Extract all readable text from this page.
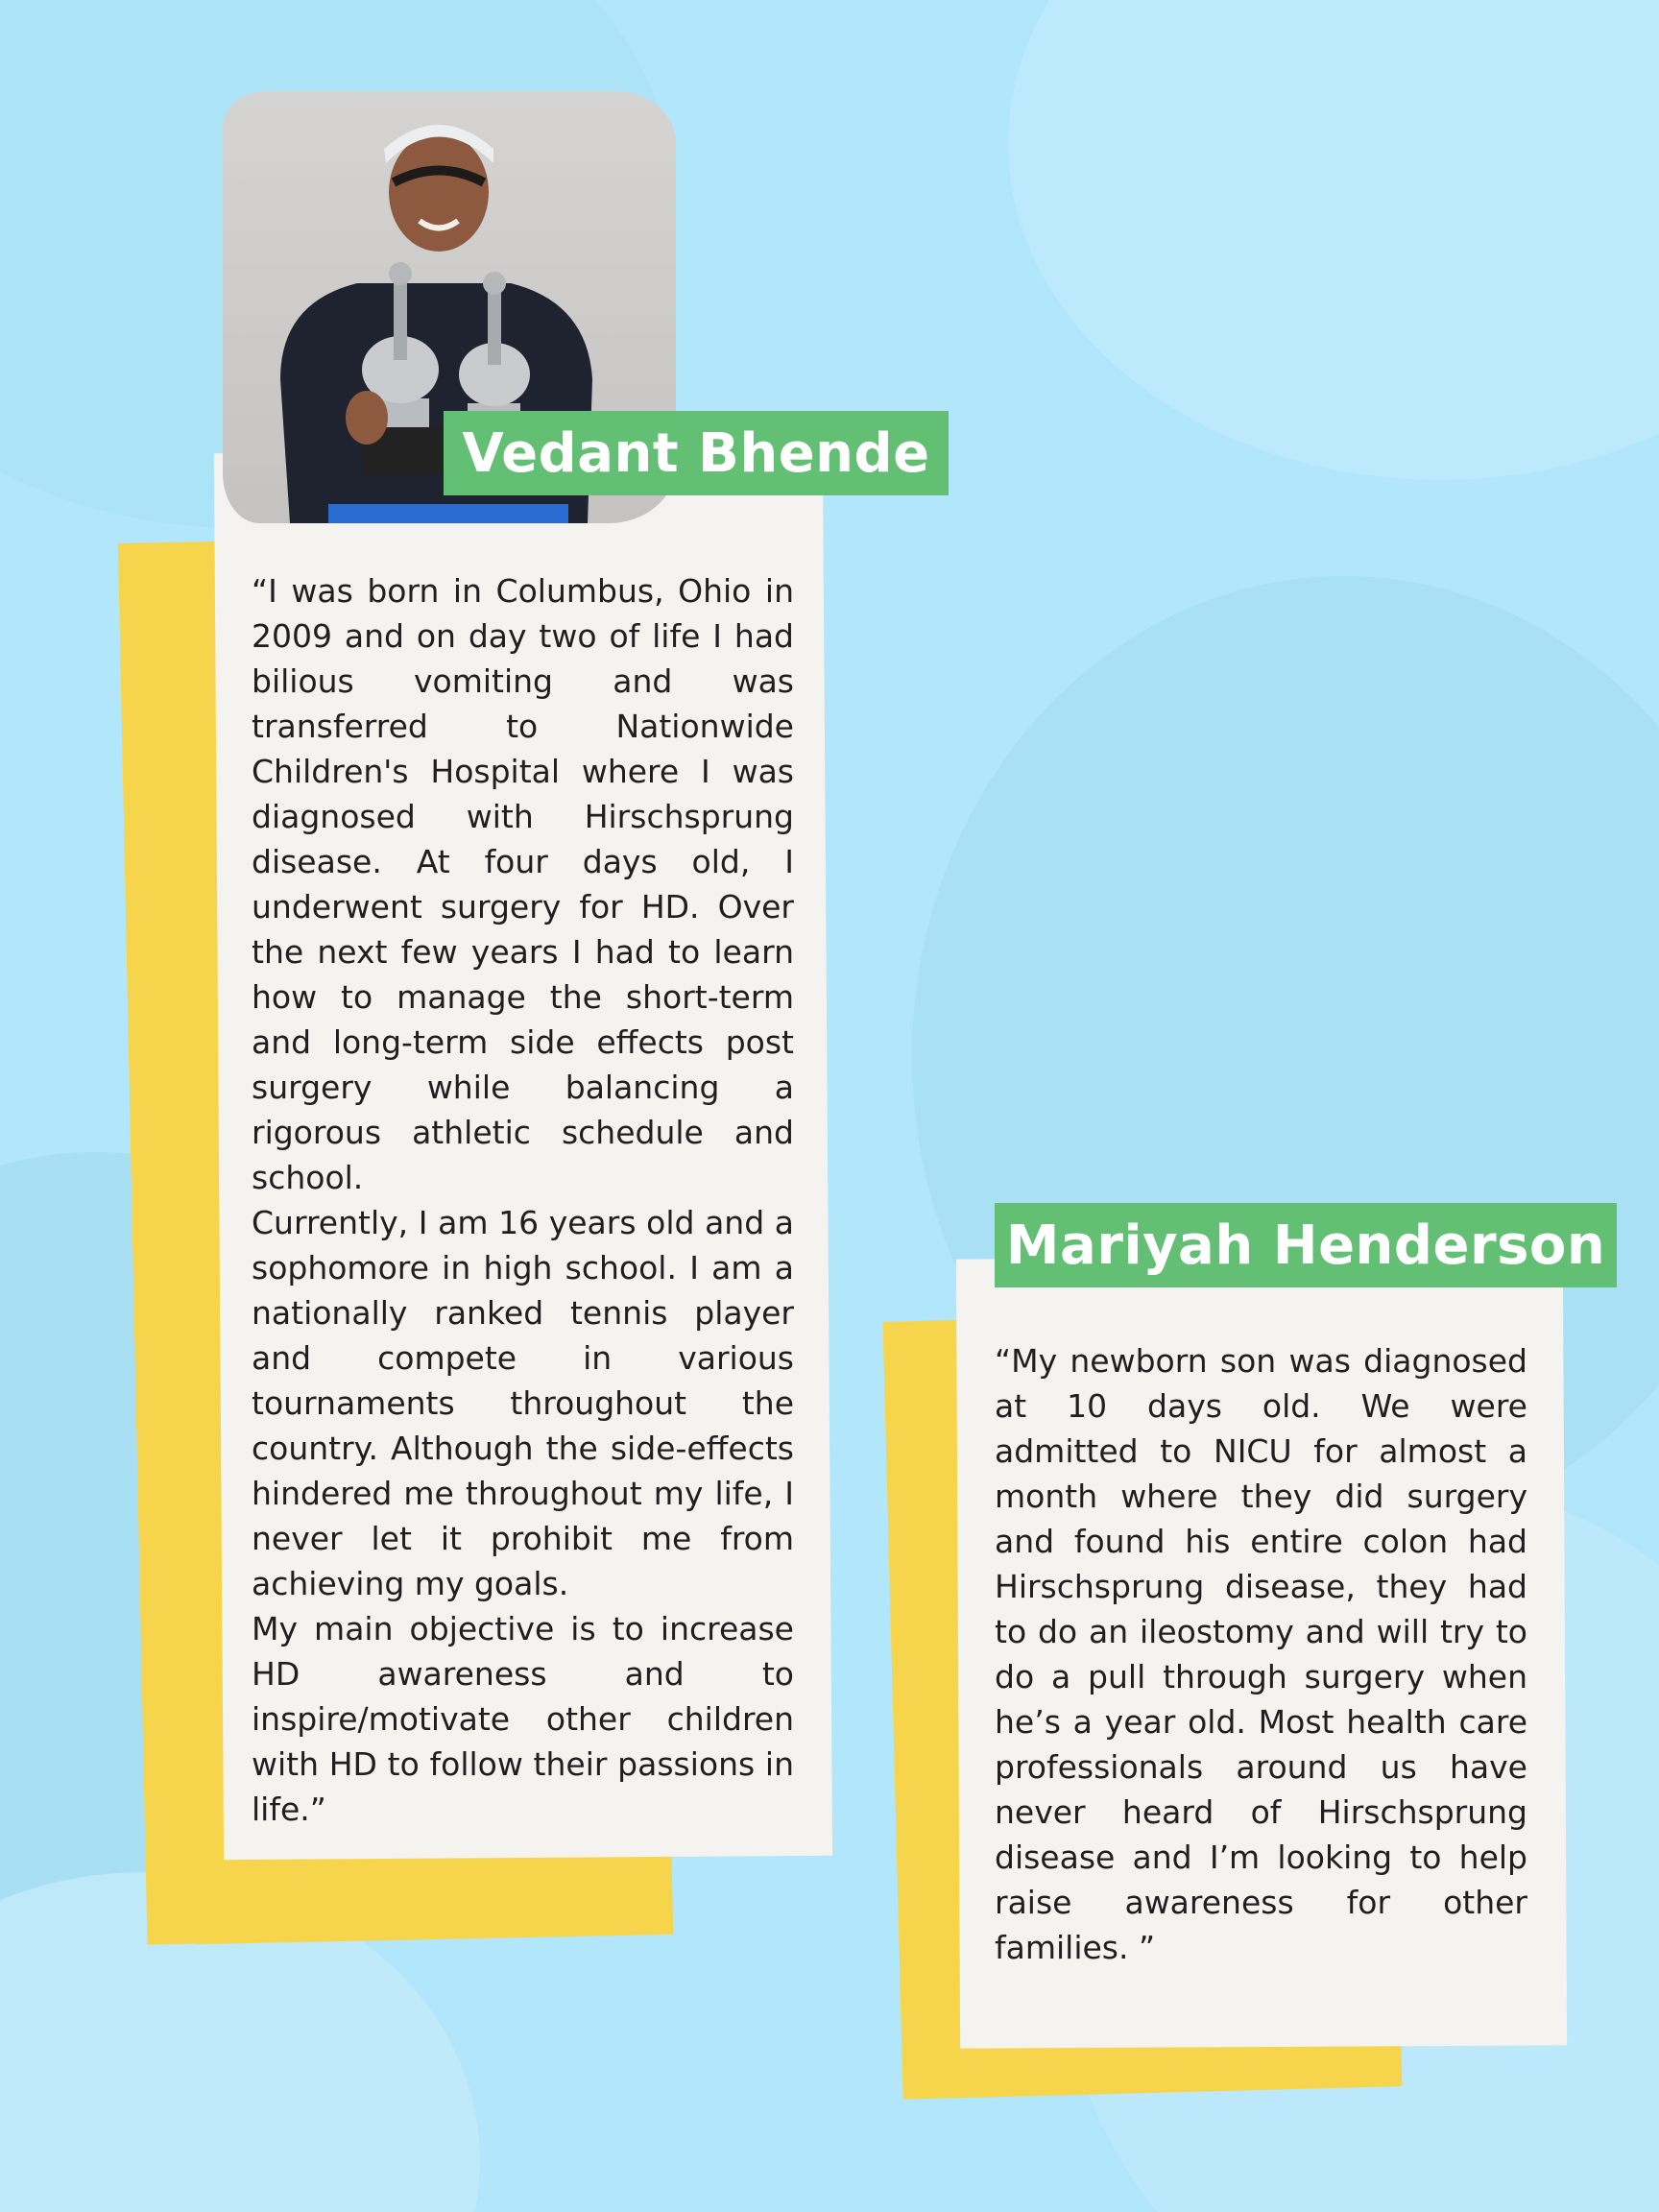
Vedant Bhende

“I was born in Columbus, Ohio in 2009 and on day two of life I had bilious vomiting and was transferred to Nationwide Children's Hospital where I was diagnosed with Hirschsprung disease. At four days old, I underwent surgery for HD. Over the next few years I had to learn how to manage the short-term and long-term side effects post surgery while balancing a rigorous athletic schedule and school.

Currently, I am 16 years old and a sophomore in high school. I am a nationally ranked tennis player and compete in various tournaments throughout the country. Although the side-effects hindered me throughout my life, I never let it prohibit me from achieving my goals.

My main objective is to increase HD awareness and to inspire/motivate other children with HD to follow their passions in life.”

Mariyah Henderson

“My newborn son was diagnosed at 10 days old. We were admitted to NICU for almost a month where they did surgery and found his entire colon had Hirschsprung disease, they had to do an ileostomy and will try to do a pull through surgery when he’s a year old. Most health care professionals around us have never heard of Hirschsprung disease and I’m looking to help raise awareness for other families. ”
